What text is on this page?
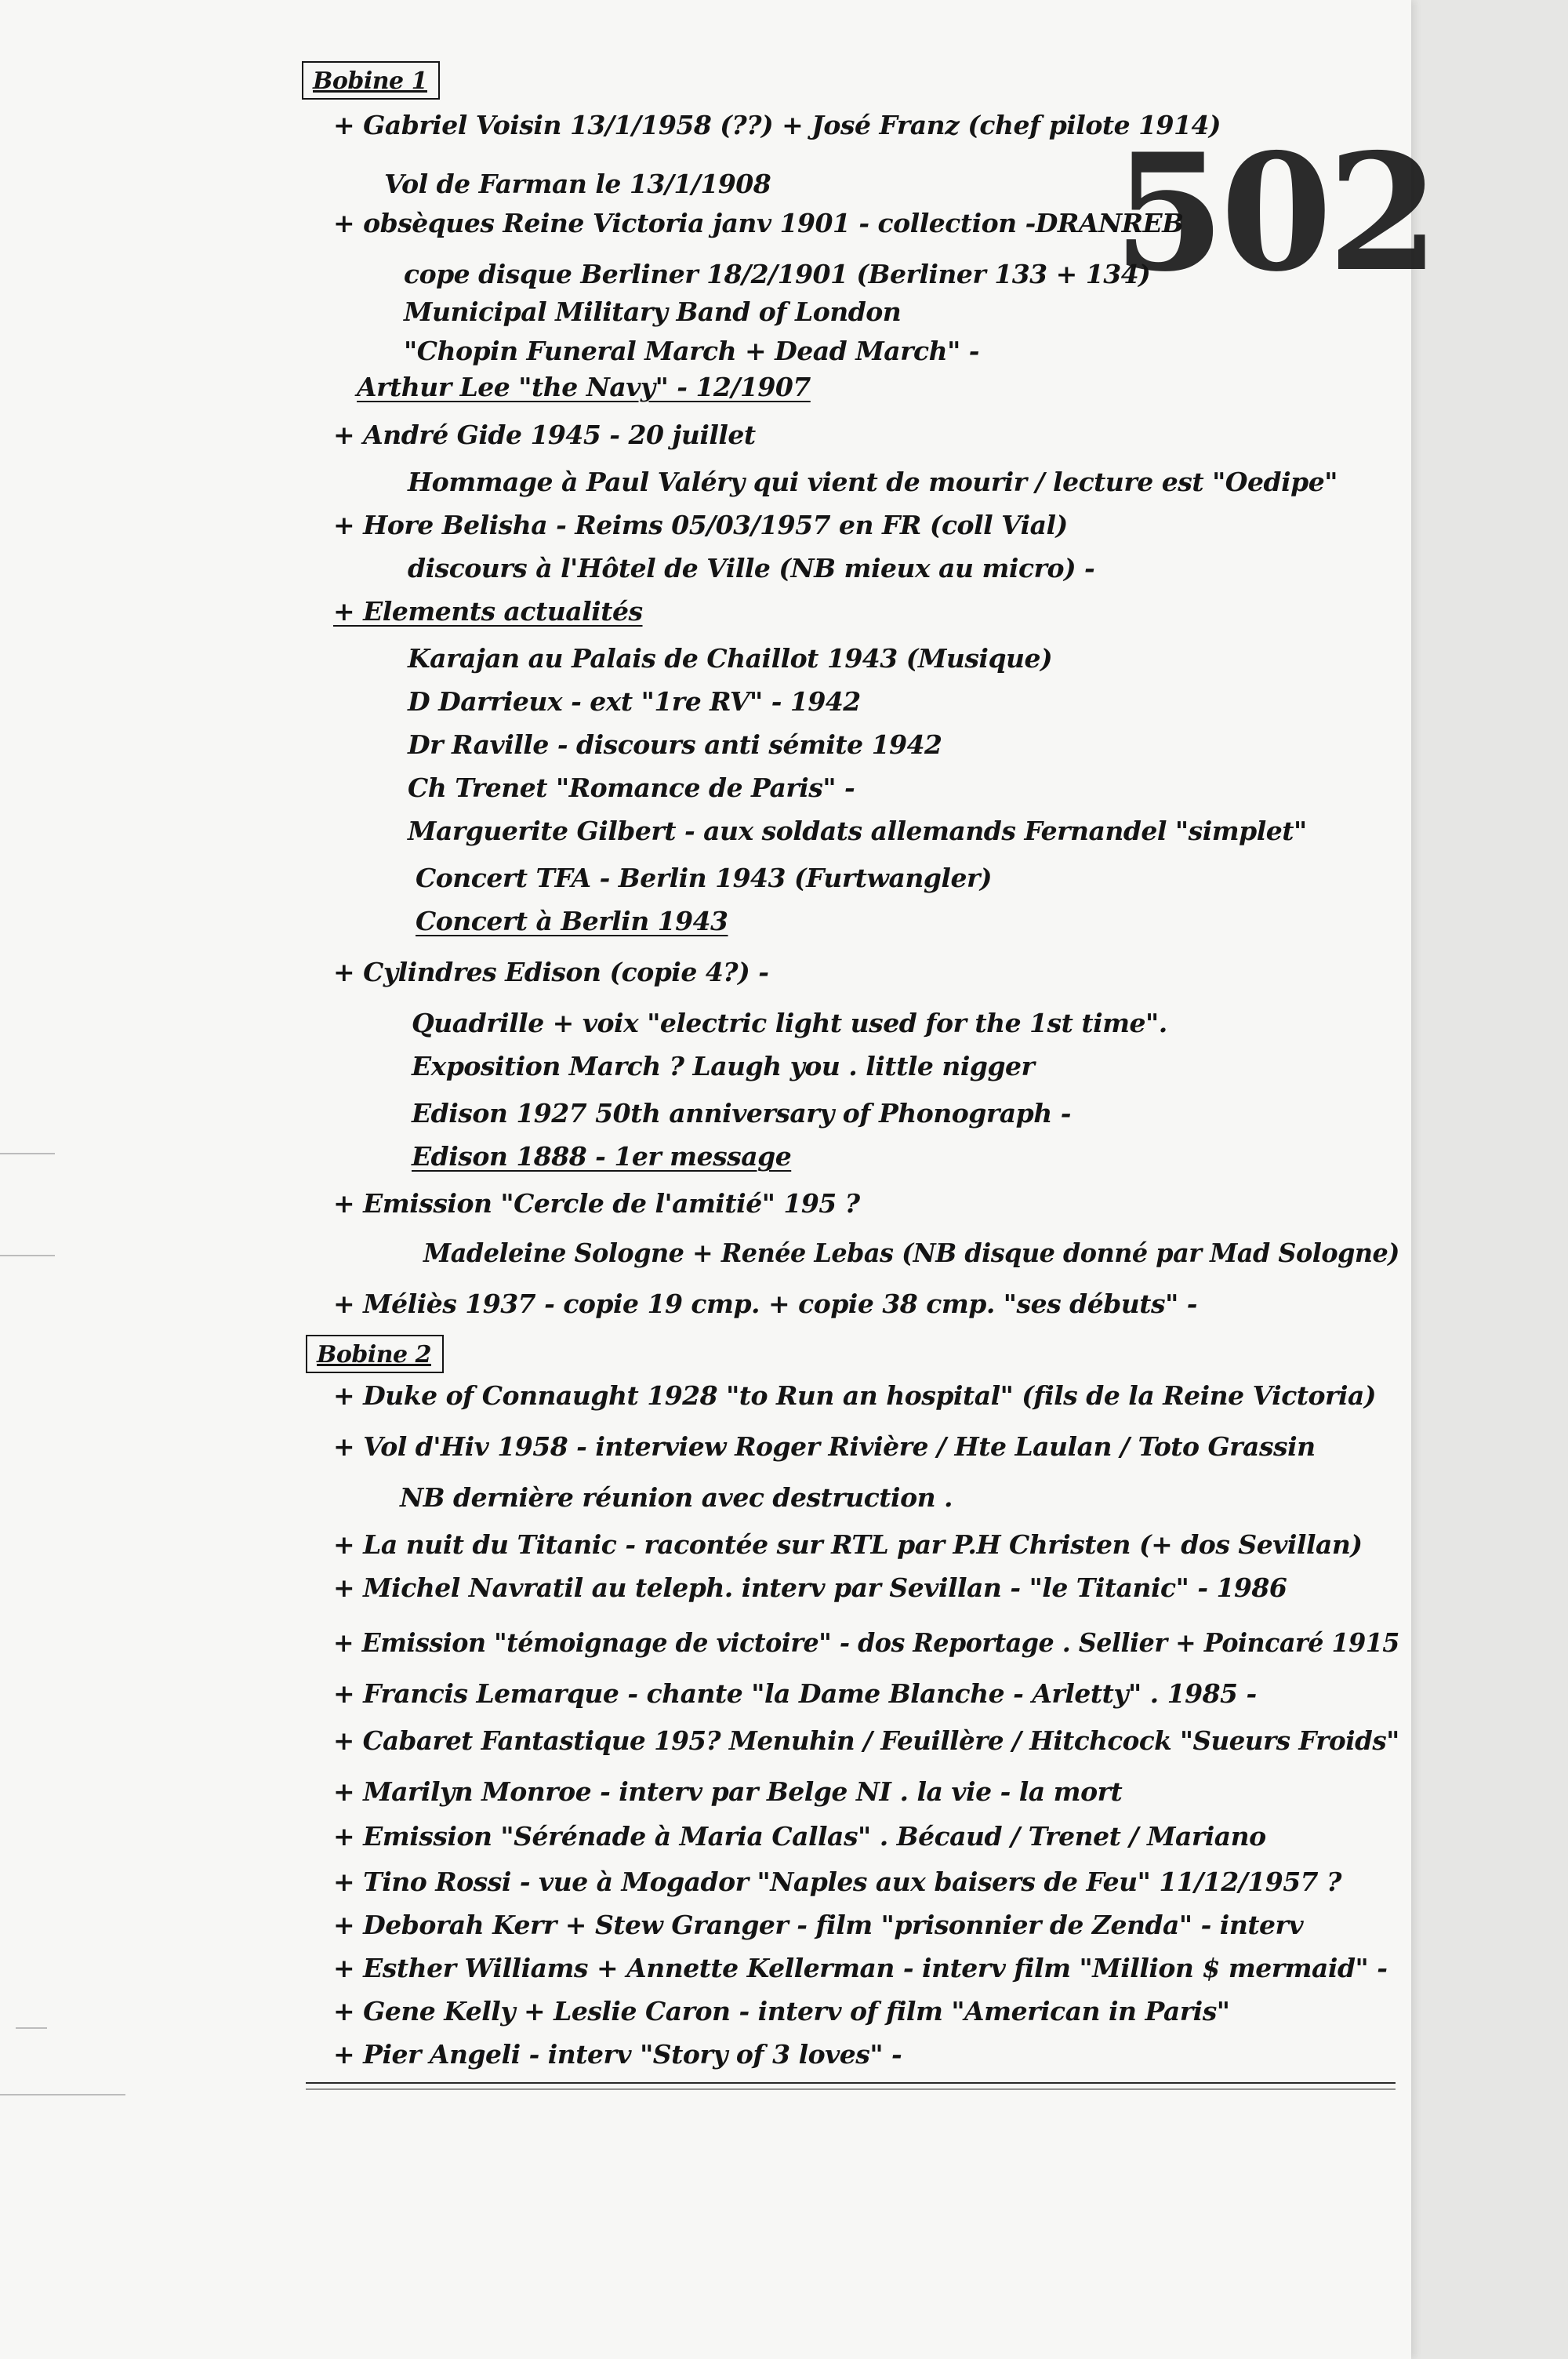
502
Bobine 1
+ Gabriel Voisin 13/1/1958 (??) + José Franz (chef pilote 1914)
Vol de Farman le 13/1/1908
+ obsèques Reine Victoria janv 1901 - collection -DRANREB
cope disque Berliner 18/2/1901 (Berliner 133 + 134)
Municipal Military Band of London
"Chopin Funeral March + Dead March" -
Arthur Lee "the Navy" - 12/1907
+ André Gide 1945 - 20 juillet
Hommage à Paul Valéry qui vient de mourir / lecture est "Oedipe"
+ Hore Belisha - Reims 05/03/1957 en FR (coll Vial)
discours à l'Hôtel de Ville (NB mieux au micro) -
+ Elements actualités
Karajan au Palais de Chaillot 1943 (Musique)
D Darrieux - ext "1re RV" - 1942
Dr Raville - discours anti sémite 1942
Ch Trenet "Romance de Paris" -
Marguerite Gilbert - aux soldats allemands Fernandel "simplet"
Concert TFA - Berlin 1943 (Furtwangler)
Concert à Berlin 1943
+ Cylindres Edison (copie 4?) -
Quadrille + voix "electric light used for the 1st time".
Exposition March ? Laugh you . little nigger
Edison 1927 50th anniversary of Phonograph -
Edison 1888 - 1er message
+ Emission "Cercle de l'amitié" 195 ?
Madeleine Sologne + Renée Lebas (NB disque donné par Mad Sologne)
+ Méliès 1937 - copie 19 cmp. + copie 38 cmp. "ses débuts" -
Bobine 2
+ Duke of Connaught 1928 "to Run an hospital" (fils de la Reine Victoria)
+ Vol d'Hiv 1958 - interview Roger Rivière / Hte Laulan / Toto Grassin
NB dernière réunion avec destruction .
+ La nuit du Titanic - racontée sur RTL par P.H Christen (+ dos Sevillan)
+ Michel Navratil au teleph. interv par Sevillan - "le Titanic" - 1986
+ Emission "témoignage de victoire" - dos Reportage . Sellier + Poincaré 1915
+ Francis Lemarque - chante "la Dame Blanche - Arletty" . 1985 -
+ Cabaret Fantastique 195? Menuhin / Feuillère / Hitchcock "Sueurs Froids"
+ Marilyn Monroe - interv par Belge NI . la vie - la mort
+ Emission "Sérénade à Maria Callas" . Bécaud / Trenet / Mariano
+ Tino Rossi - vue à Mogador "Naples aux baisers de Feu" 11/12/1957 ?
+ Deborah Kerr + Stew Granger - film "prisonnier de Zenda" - interv
+ Esther Williams + Annette Kellerman - interv film "Million $ mermaid" -
+ Gene Kelly + Leslie Caron - interv of film "American in Paris"
+ Pier Angeli - interv "Story of 3 loves" -
